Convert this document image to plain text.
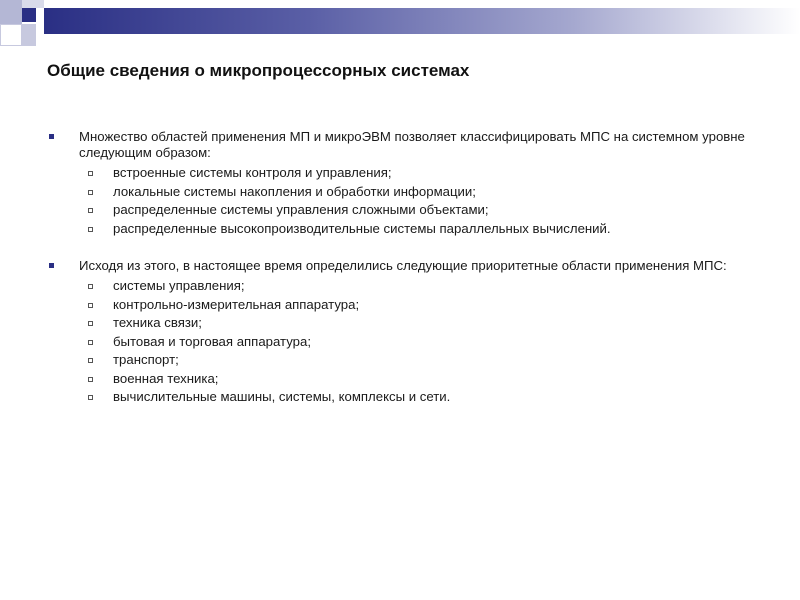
Общие сведения о микропроцессорных системах
Множество областей применения МП и микроЭВМ позволяет классифицировать МПС на системном уровне следующим образом:
встроенные системы контроля и управления;
локальные системы накопления и обработки информации;
распределенные системы управления сложными объектами;
распределенные высокопроизводительные системы параллельных вычислений.
Исходя из этого, в настоящее время определились следующие приоритетные области применения МПС:
системы управления;
контрольно-измерительная аппаратура;
техника связи;
бытовая и торговая аппаратура;
транспорт;
военная техника;
вычислительные машины, системы, комплексы и сети.
